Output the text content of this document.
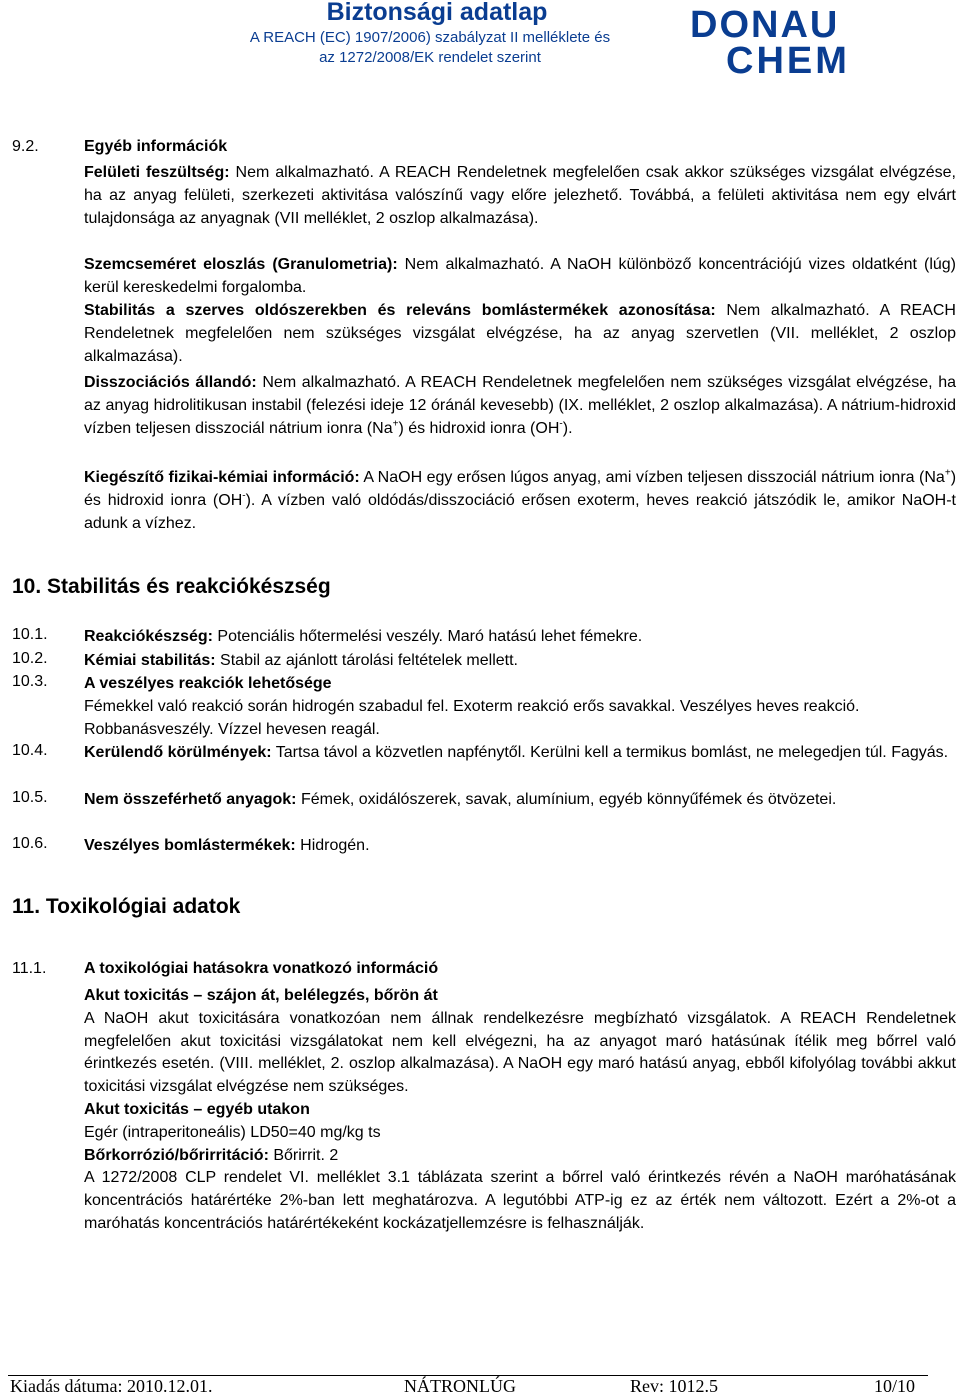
Biztonsági adatlap
A REACH (EC) 1907/2006) szabályzat II melléklete és
az 1272/2008/EK rendelet szerint
DONAU
CHEM
9.2.	Egyéb információk
Felületi feszültség: Nem alkalmazható. A REACH Rendeletnek megfelelően csak akkor szükséges vizsgálat elvégzése, ha az anyag felületi, szerkezeti aktivitása valószínű vagy előre jelezhető. Továbbá, a felületi aktivitása nem egy elvárt tulajdonsága az anyagnak (VII melléklet, 2 oszlop alkalmazása).
Szemcseméret eloszlás (Granulometria): Nem alkalmazható. A NaOH különböző koncentrációjú vizes oldatként (lúg) kerül kereskedelmi forgalomba.
Stabilitás a szerves oldószerekben és releváns bomlástermékek azonosítása: Nem alkalmazható. A REACH Rendeletnek megfelelően nem szükséges vizsgálat elvégzése, ha az anyag szervetlen (VII. melléklet, 2 oszlop alkalmazása).
Disszociációs állandó: Nem alkalmazható. A REACH Rendeletnek megfelelően nem szükséges vizsgálat elvégzése, ha az anyag hidrolitikusan instabil (felezési ideje 12 óránál kevesebb) (IX. melléklet, 2 oszlop alkalmazása). A nátrium-hidroxid vízben teljesen disszociál nátrium ionra (Na+) és hidroxid ionra (OH-).
Kiegészítő fizikai-kémiai információ: A NaOH egy erősen lúgos anyag, ami vízben teljesen disszociál nátrium ionra (Na+) és hidroxid ionra (OH-). A vízben való oldódás/disszociáció erősen exoterm, heves reakció játszódik le, amikor NaOH-t adunk a vízhez.
10. Stabilitás és reakciókészség
10.1. Reakciókészség: Potenciális hőtermelési veszély. Maró hatású lehet fémekre.
10.2. Kémiai stabilitás: Stabil az ajánlott tárolási feltételek mellett.
10.3. A veszélyes reakciók lehetősége
Fémekkel való reakció során hidrogén szabadul fel. Exoterm reakció erős savakkal. Veszélyes heves reakció. Robbanásveszély. Vízzel hevesen reagál.
10.4. Kerülendő körülmények: Tartsa távol a közvetlen napfénytől. Kerülni kell a termikus bomlást, ne melegedjen túl. Fagyás.
10.5. Nem összeférhető anyagok: Fémek, oxidálószerek, savak, alumínium, egyéb könnyűfémek és ötvözetei.
10.6. Veszélyes bomlástermékek: Hidrogén.
11. Toxikológiai adatok
11.1. A toxikológiai hatásokra vonatkozó információ
Akut toxicitás – szájon át, belélegzés, bőrön át
A NaOH akut toxicitására vonatkozóan nem állnak rendelkezésre megbízható vizsgálatok. A REACH Rendeletnek megfelelően akut toxicitási vizsgálatokat nem kell elvégezni, ha az anyagot maró hatásúnak ítélik meg bőrrel való érintkezés esetén. (VIII. melléklet, 2. oszlop alkalmazása). A NaOH egy maró hatású anyag, ebből kifolyólag további akkut toxicitási vizsgálat elvégzése nem szükséges.
Akut toxicitás – egyéb utakon
Egér (intraperitoneális) LD50=40 mg/kg ts
Bőrkorrózió/bőrirritáció: Bőrirrit. 2
A 1272/2008 CLP rendelet VI. melléklet 3.1 táblázata szerint a bőrrel való érintkezés révén a NaOH maróhatásának koncentrációs határértéke 2%-ban lett meghatározva. A legutóbbi ATP-ig ez az érték nem változott. Ezért a 2%-ot a maróhatás koncentrációs határértékeként kockázatjellemzésre is felhasználják.
Kiadás dátuma: 2010.12.01.	NÁTRONLÚG	Rev: 1012.5	10/10
